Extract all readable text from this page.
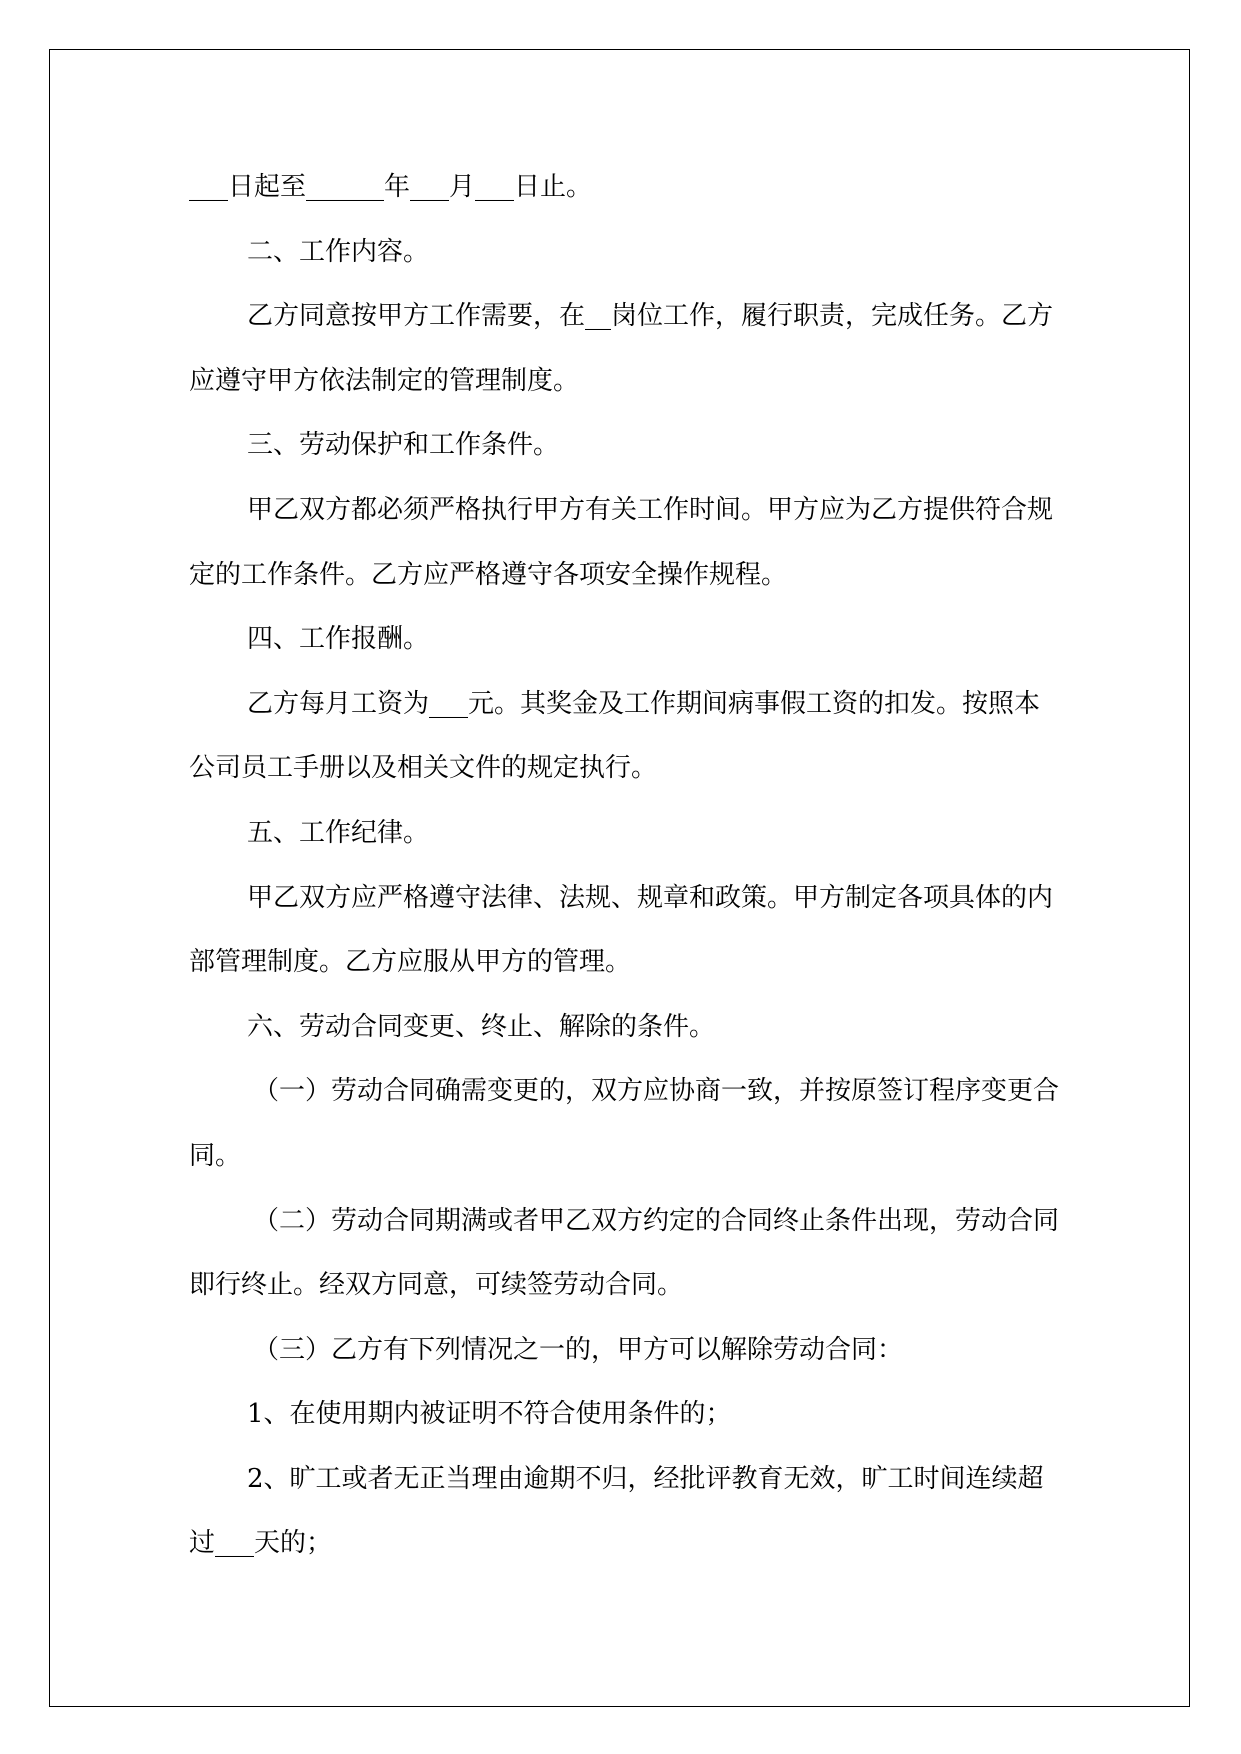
___日起至______年___月___日止。

二、工作内容。

乙方同意按甲方工作需要，在__岗位工作，履行职责，完成任务。乙方应遵守甲方依法制定的管理制度。

三、劳动保护和工作条件。

甲乙双方都必须严格执行甲方有关工作时间。甲方应为乙方提供符合规定的工作条件。乙方应严格遵守各项安全操作规程。

四、工作报酬。

乙方每月工资为___元。其奖金及工作期间病事假工资的扣发。按照本公司员工手册以及相关文件的规定执行。

五、工作纪律。

甲乙双方应严格遵守法律、法规、规章和政策。甲方制定各项具体的内部管理制度。乙方应服从甲方的管理。

六、劳动合同变更、终止、解除的条件。

（一）劳动合同确需变更的，双方应协商一致，并按原签订程序变更合同。

（二）劳动合同期满或者甲乙双方约定的合同终止条件出现，劳动合同即行终止。经双方同意，可续签劳动合同。

（三）乙方有下列情况之一的，甲方可以解除劳动合同：

1、在使用期内被证明不符合使用条件的；

2、旷工或者无正当理由逾期不归，经批评教育无效，旷工时间连续超过___天的；
